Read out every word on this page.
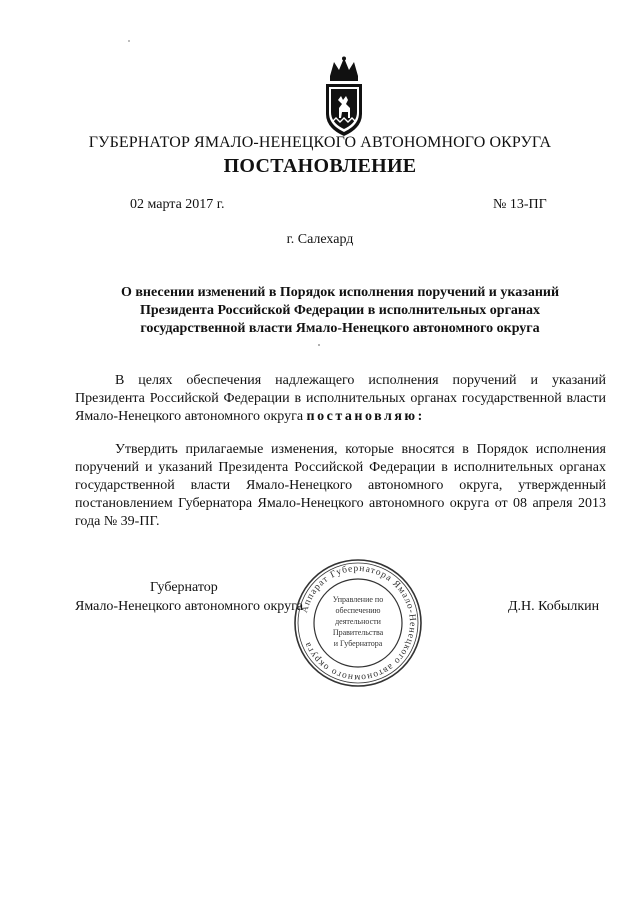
ГУБЕРНАТОР ЯМАЛО-НЕНЕЦКОГО АВТОНОМНОГО ОКРУГА
ПОСТАНОВЛЕНИЕ
02 марта 2017 г.	№ 13-ПГ
г. Салехард
О внесении изменений в Порядок исполнения поручений и указаний Президента Российской Федерации в исполнительных органах государственной власти Ямало-Ненецкого автономного округа
В целях обеспечения надлежащего исполнения поручений и указаний Президента Российской Федерации в исполнительных органах государственной власти Ямало-Ненецкого автономного округа постановляю:
Утвердить прилагаемые изменения, которые вносятся в Порядок исполнения поручений и указаний Президента Российской Федерации в исполнительных органах государственной власти Ямало-Ненецкого автономного округа, утвержденный постановлением Губернатора Ямало-Ненецкого автономного округа от 08 апреля 2013 года № 39-ПГ.
Губернатор
Ямало-Ненецкого автономного округа	Д.Н. Кобылкин
Аппарат Губернатора Ямало-Ненецкого автономного округа
Управление по
обеспечению
деятельности
Правительства
и Губернатора
